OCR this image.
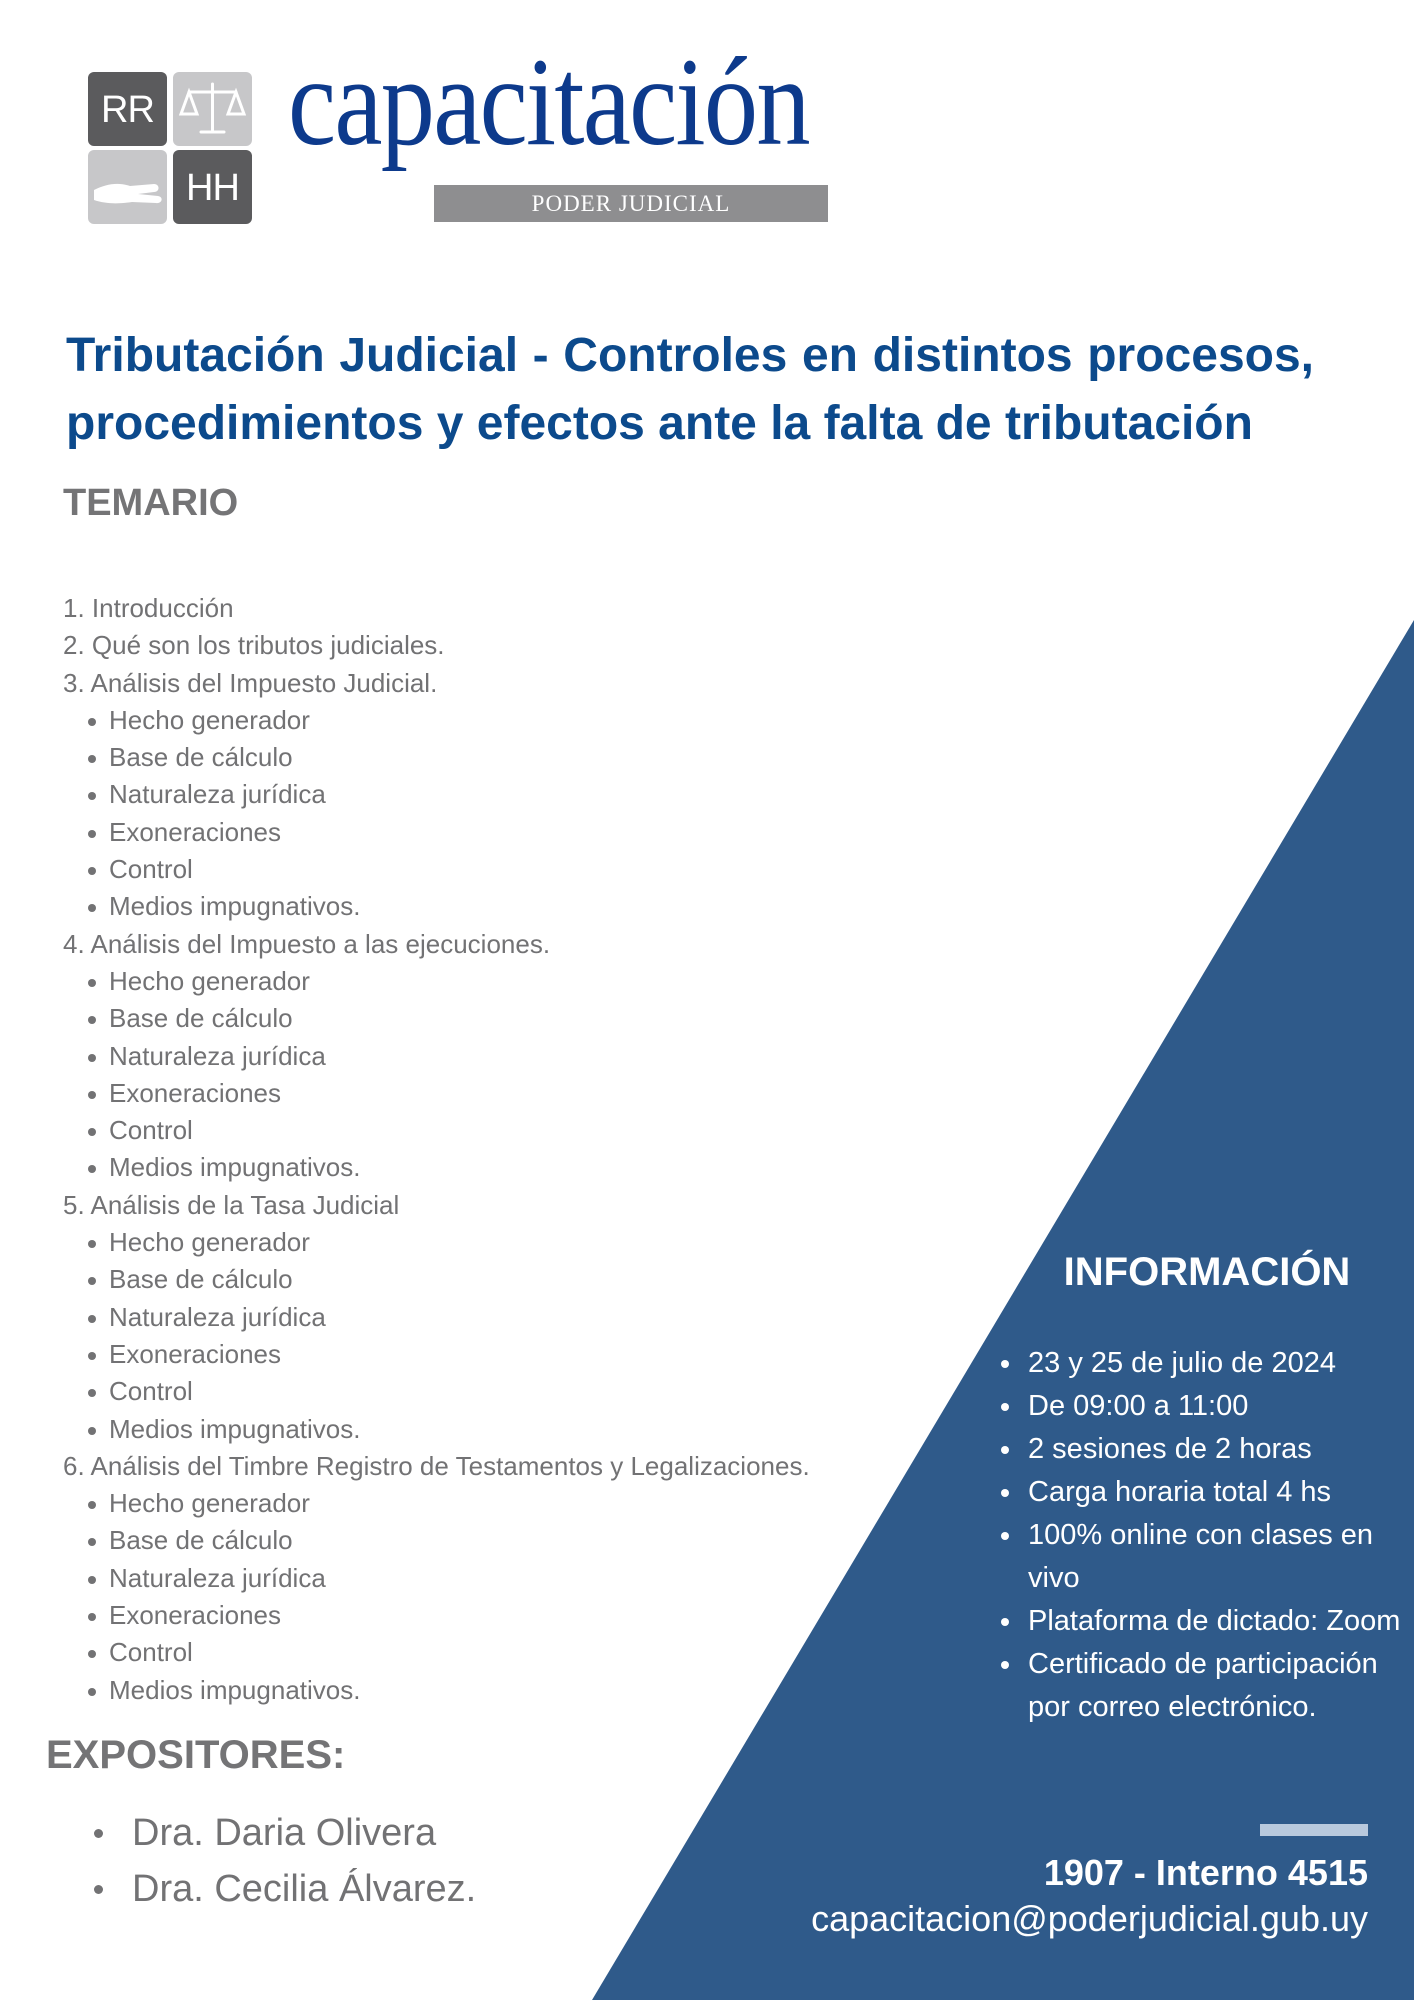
RR
HH
capacitación
PODER JUDICIAL
Tributación Judicial - Controles en distintos procesos, procedimientos y efectos ante la falta de tributación
TEMARIO
1. Introducción
2. Qué son los tributos judiciales.
3. Análisis del Impuesto Judicial.
Hecho generador
Base de cálculo
Naturaleza jurídica
Exoneraciones
Control
Medios impugnativos.
4. Análisis del Impuesto a las ejecuciones.
Hecho generador
Base de cálculo
Naturaleza jurídica
Exoneraciones
Control
Medios impugnativos.
5. Análisis de la Tasa Judicial
Hecho generador
Base de cálculo
Naturaleza jurídica
Exoneraciones
Control
Medios impugnativos.
6. Análisis del Timbre Registro de Testamentos y Legalizaciones.
Hecho generador
Base de cálculo
Naturaleza jurídica
Exoneraciones
Control
Medios impugnativos.
EXPOSITORES:
Dra. Daria Olivera
Dra. Cecilia Álvarez.
INFORMACIÓN
23 y 25 de julio de 2024
De 09:00 a 11:00
2 sesiones de 2 horas
Carga horaria total 4 hs
100% online con clases en vivo
Plataforma de dictado: Zoom
Certificado de participación por correo electrónico.
1907 - Interno 4515
capacitacion@poderjudicial.gub.uy
